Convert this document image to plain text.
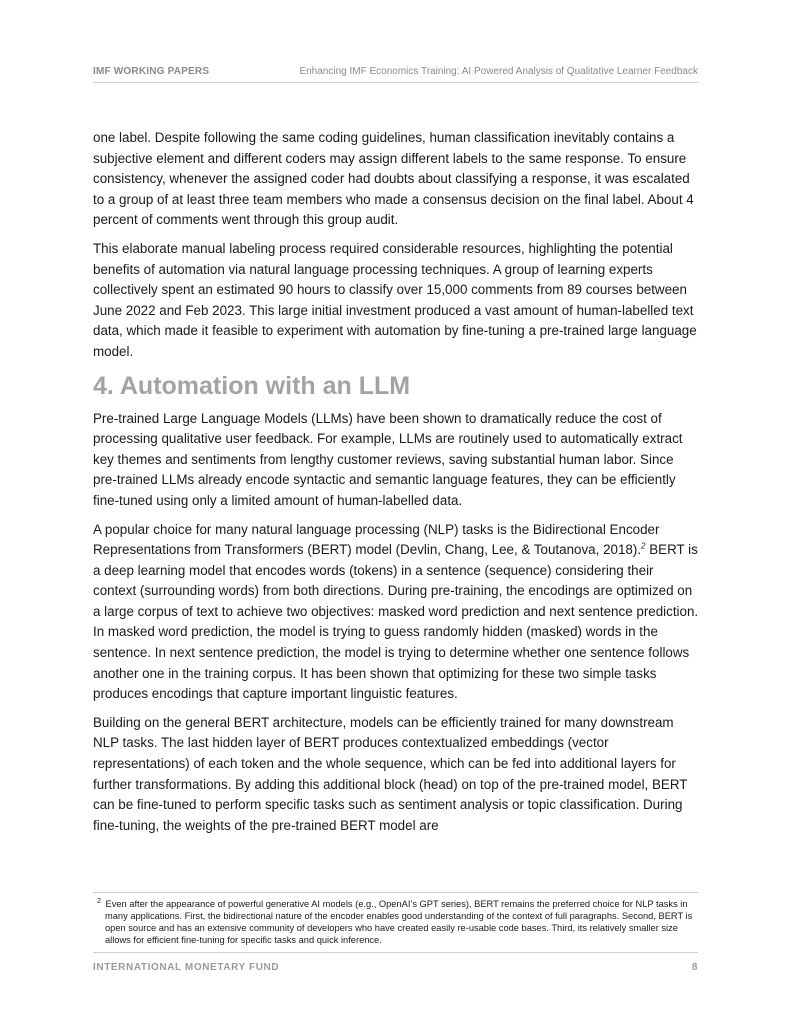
IMF WORKING PAPERS	Enhancing IMF Economics Training: AI Powered Analysis of Qualitative Learner Feedback

one label. Despite following the same coding guidelines, human classification inevitably contains a subjective element and different coders may assign different labels to the same response. To ensure consistency, whenever the assigned coder had doubts about classifying a response, it was escalated to a group of at least three team members who made a consensus decision on the final label. About 4 percent of comments went through this group audit.

This elaborate manual labeling process required considerable resources, highlighting the potential benefits of automation via natural language processing techniques. A group of learning experts collectively spent an estimated 90 hours to classify over 15,000 comments from 89 courses between June 2022 and Feb 2023. This large initial investment produced a vast amount of human-labelled text data, which made it feasible to experiment with automation by fine-tuning a pre-trained large language model.

4. Automation with an LLM

Pre-trained Large Language Models (LLMs) have been shown to dramatically reduce the cost of processing qualitative user feedback. For example, LLMs are routinely used to automatically extract key themes and sentiments from lengthy customer reviews, saving substantial human labor. Since pre-trained LLMs already encode syntactic and semantic language features, they can be efficiently fine-tuned using only a limited amount of human-labelled data.

A popular choice for many natural language processing (NLP) tasks is the Bidirectional Encoder Representations from Transformers (BERT) model (Devlin, Chang, Lee, & Toutanova, 2018).$^2$ BERT is a deep learning model that encodes words (tokens) in a sentence (sequence) considering their context (surrounding words) from both directions. During pre-training, the encodings are optimized on a large corpus of text to achieve two objectives: masked word prediction and next sentence prediction. In masked word prediction, the model is trying to guess randomly hidden (masked) words in the sentence. In next sentence prediction, the model is trying to determine whether one sentence follows another one in the training corpus. It has been shown that optimizing for these two simple tasks produces encodings that capture important linguistic features.

Building on the general BERT architecture, models can be efficiently trained for many downstream NLP tasks. The last hidden layer of BERT produces contextualized embeddings (vector representations) of each token and the whole sequence, which can be fed into additional layers for further transformations. By adding this additional block (head) on top of the pre-trained model, BERT can be fine-tuned to perform specific tasks such as sentiment analysis or topic classification. During fine-tuning, the weights of the pre-trained BERT model are

$^2$ Even after the appearance of powerful generative AI models (e.g., OpenAI’s GPT series), BERT remains the preferred choice for NLP tasks in many applications. First, the bidirectional nature of the encoder enables good understanding of the context of full paragraphs. Second, BERT is open source and has an extensive community of developers who have created easily re-usable code bases. Third, its relatively smaller size allows for efficient fine-tuning for specific tasks and quick inference.
INTERNATIONAL MONETARY FUND	8
